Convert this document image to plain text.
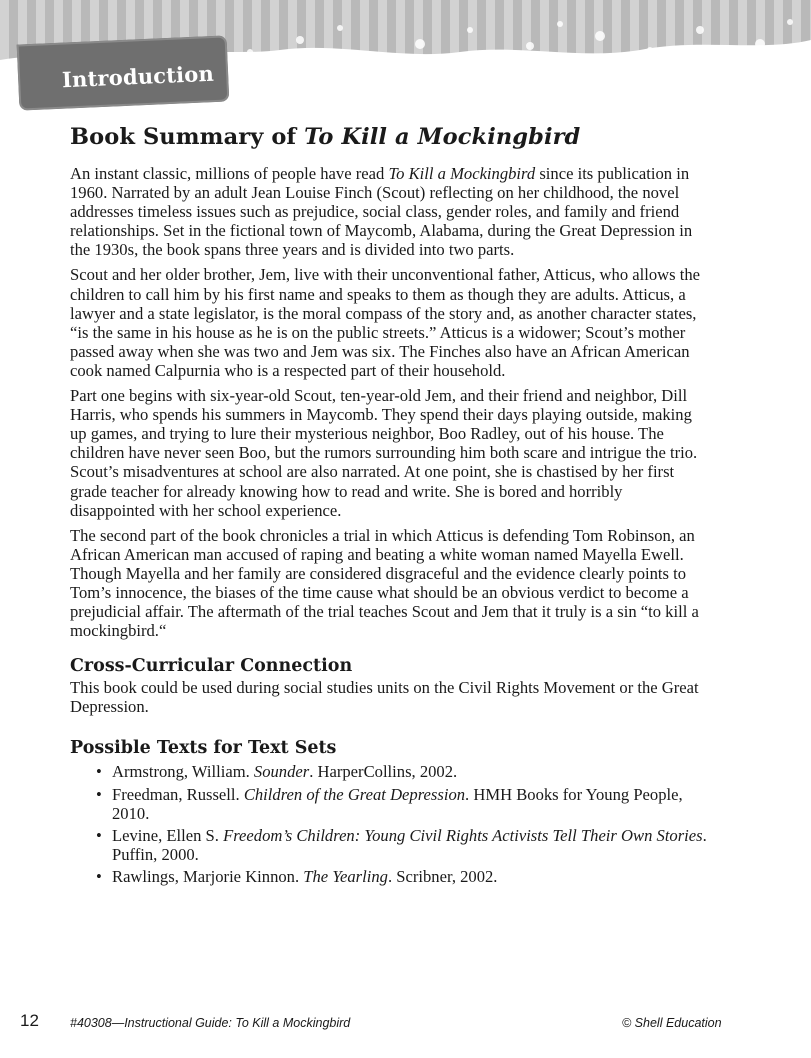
Introduction
Book Summary of To Kill a Mockingbird

An instant classic, millions of people have read To Kill a Mockingbird since its publication in 1960. Narrated by an adult Jean Louise Finch (Scout) reflecting on her childhood, the novel addresses timeless issues such as prejudice, social class, gender roles, and family and friend relationships. Set in the fictional town of Maycomb, Alabama, during the Great Depression in the 1930s, the book spans three years and is divided into two parts.

Scout and her older brother, Jem, live with their unconventional father, Atticus, who allows the children to call him by his first name and speaks to them as though they are adults. Atticus, a lawyer and a state legislator, is the moral compass of the story and, as another character states, “is the same in his house as he is on the public streets.” Atticus is a widower; Scout’s mother passed away when she was two and Jem was six. The Finches also have an African American cook named Calpurnia who is a respected part of their household.

Part one begins with six-year-old Scout, ten-year-old Jem, and their friend and neighbor, Dill Harris, who spends his summers in Maycomb. They spend their days playing outside, making up games, and trying to lure their mysterious neighbor, Boo Radley, out of his house. The children have never seen Boo, but the rumors surrounding him both scare and intrigue the trio. Scout’s misadventures at school are also narrated. At one point, she is chastised by her first grade teacher for already knowing how to read and write. She is bored and horribly disappointed with her school experience.

The second part of the book chronicles a trial in which Atticus is defending Tom Robinson, an African American man accused of raping and beating a white woman named Mayella Ewell. Though Mayella and her family are considered disgraceful and the evidence clearly points to Tom’s innocence, the biases of the time cause what should be an obvious verdict to become a prejudicial affair. The aftermath of the trial teaches Scout and Jem that it truly is a sin “to kill a mockingbird.“

Cross-Curricular Connection

This book could be used during social studies units on the Civil Rights Movement or the Great Depression.

Possible Texts for Text Sets
• Armstrong, William. Sounder. HarperCollins, 2002.
• Freedman, Russell. Children of the Great Depression. HMH Books for Young People, 2010.
• Levine, Ellen S. Freedom’s Children: Young Civil Rights Activists Tell Their Own Stories. Puffin, 2000.
• Rawlings, Marjorie Kinnon. The Yearling. Scribner, 2002.
12 #40308—Instructional Guide: To Kill a Mockingbird	© Shell Education
